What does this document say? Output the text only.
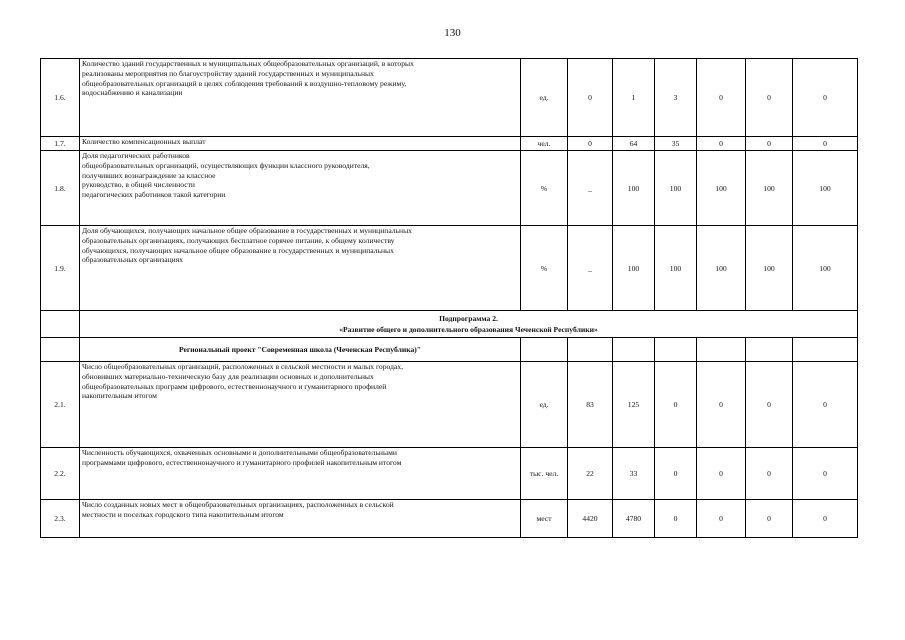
130
1.6.	Количество зданий государственных и муниципальных общеобразовательных организаций, в которых
реализованы мероприятия по благоустройству зданий государственных и муниципальных
общеобразовательных организаций в целях соблюдения требований к воздушно-тепловому режиму,
водоснабжению и канализации	ед.	0	1	3	0	0	0
1.7.	Количество компенсационных выплат	чел.	0	64	35	0	0	0
1.8.	Доля педагогических работников
общеобразовательных организаций, осуществляющих функции классного руководителя,
получивших вознаграждение за классное
руководство, в общей численности
педагогических работников такой категории	%	_	100	100	100	100	100
1.9.	Доля обучающихся, получающих начальное общее образование в государственных и муниципальных
образовательных организациях, получающих бесплатное горячее питание, к общему количеству
обучающихся, получающих начальное общее образование в государственных и муниципальных
образовательных организациях	%	_	100	100	100	100	100

	Подпрограмма 2.
«Развитие общего и дополнительного образования Чеченской Республики»							

	Региональный проект "Современная школа (Чеченская Республика)"							
2.1.	Число общеобразовательных организаций, расположенных в сельской местности и малых городах,
обновивших материально-техническую базу для реализации основных и дополнительных
общеобразовательных программ цифрового, естественнонаучного и гуманитарного профилей
накопительным итогом	ед.	83	125	0	0	0	0
2.2.	Численность обучающихся, охваченных основными и дополнительными общеобразовательными
программами цифрового, естественнонаучного и гуманитарного профилей накопительным итогом	тыс. чел.	22	33	0	0	0	0
2.3.	Число созданных новых мест в общеобразовательных организациях, расположенных в сельской
местности и поселках городского типа накопительным итогом	мест	4420	4780	0	0	0	0
